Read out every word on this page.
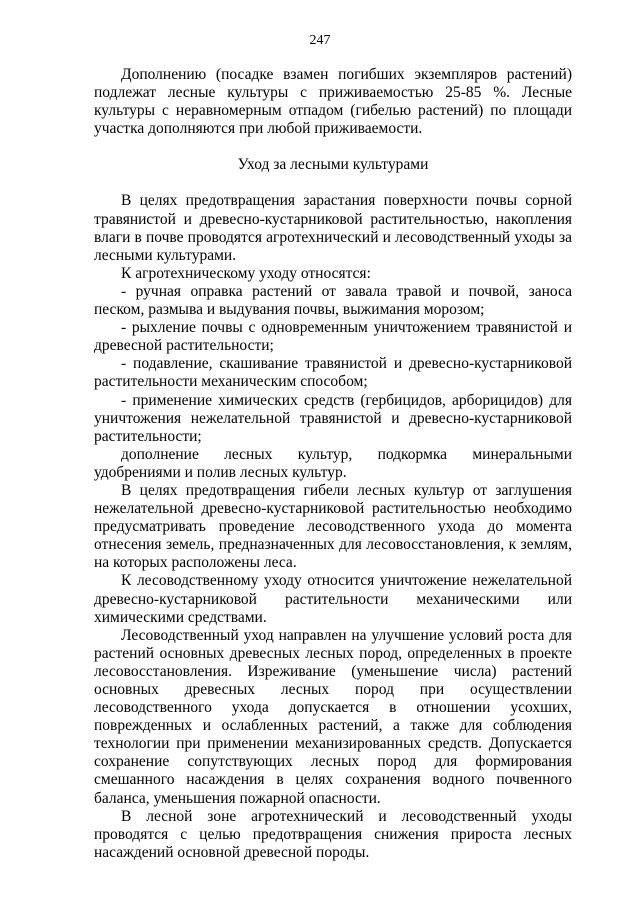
247

Дополнению (посадке взамен погибших экземпляров растений) подлежат лесные культуры с приживаемостью 25-85 %. Лесные культуры с неравномерным отпадом (гибелью растений) по площади участка дополняются при любой приживаемости.

Уход за лесными культурами

В целях предотвращения зарастания поверхности почвы сорной травянистой и древесно-кустарниковой растительностью, накопления влаги в почве проводятся агротехнический и лесоводственный уходы за лесными культурами.

К агротехническому уходу относятся:

- ручная оправка растений от завала травой и почвой, заноса песком, размыва и выдувания почвы, выжимания морозом;

- рыхление почвы с одновременным уничтожением травянистой и древесной растительности;

- подавление, скашивание травянистой и древесно-кустарниковой растительности механическим способом;

- применение химических средств (гербицидов, арборицидов) для уничтожения нежелательной травянистой и древесно-кустарниковой растительности;

дополнение лесных культур, подкормка минеральными удобрениями и полив лесных культур.

В целях предотвращения гибели лесных культур от заглушения нежелательной древесно-кустарниковой растительностью необходимо предусматривать проведение лесоводственного ухода до момента отнесения земель, предназначенных для лесовосстановления, к землям, на которых расположены леса.

К лесоводственному уходу относится уничтожение нежелательной древесно-кустарниковой растительности механическими или химическими средствами.

Лесоводственный уход направлен на улучшение условий роста для растений основных древесных лесных пород, определенных в проекте лесовосстановления. Изреживание (уменьшение числа) растений основных древесных лесных пород при осуществлении лесоводственного ухода допускается в отношении усохших, поврежденных и ослабленных растений, а также для соблюдения технологии при применении механизированных средств. Допускается сохранение сопутствующих лесных пород для формирования смешанного насаждения в целях сохранения водного почвенного баланса, уменьшения пожарной опасности.

В лесной зоне агротехнический и лесоводственный уходы проводятся с целью предотвращения снижения прироста лесных насаждений основной древесной породы.
